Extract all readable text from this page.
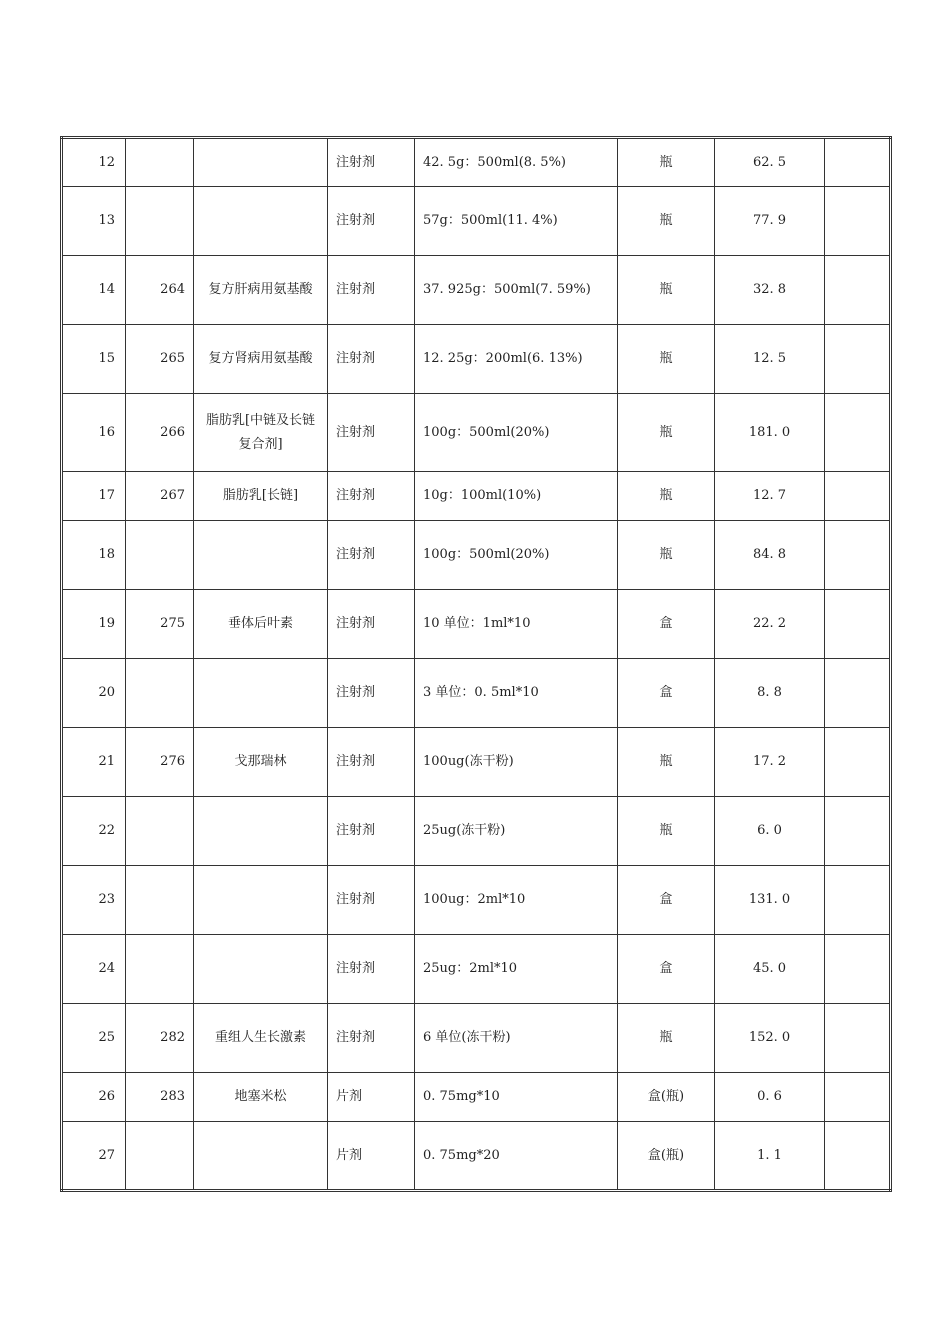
12			注射剂	42. 5g：500ml(8. 5%)	瓶	62. 5	
13			注射剂	57g：500ml(11. 4%)	瓶	77. 9	
14	264	复方肝病用氨基酸	注射剂	37. 925g：500ml(7. 59%)	瓶	32. 8	
15	265	复方肾病用氨基酸	注射剂	12. 25g：200ml(6. 13%)	瓶	12. 5	
16	266	脂肪乳[中链及长链复合剂]	注射剂	100g：500ml(20%)	瓶	181. 0	
17	267	脂肪乳[长链]	注射剂	10g：100ml(10%)	瓶	12. 7	
18			注射剂	100g：500ml(20%)	瓶	84. 8	
19	275	垂体后叶素	注射剂	10 单位：1ml*10	盒	22. 2	
20			注射剂	3 单位：0. 5ml*10	盒	8. 8	
21	276	戈那瑞林	注射剂	100ug(冻干粉)	瓶	17. 2	
22			注射剂	25ug(冻干粉)	瓶	6. 0	
23			注射剂	100ug：2ml*10	盒	131. 0	
24			注射剂	25ug：2ml*10	盒	45. 0	
25	282	重组人生长激素	注射剂	6 单位(冻干粉)	瓶	152. 0	
26	283	地塞米松	片剂	0. 75mg*10	盒(瓶)	0. 6	
27			片剂	0. 75mg*20	盒(瓶)	1. 1	
